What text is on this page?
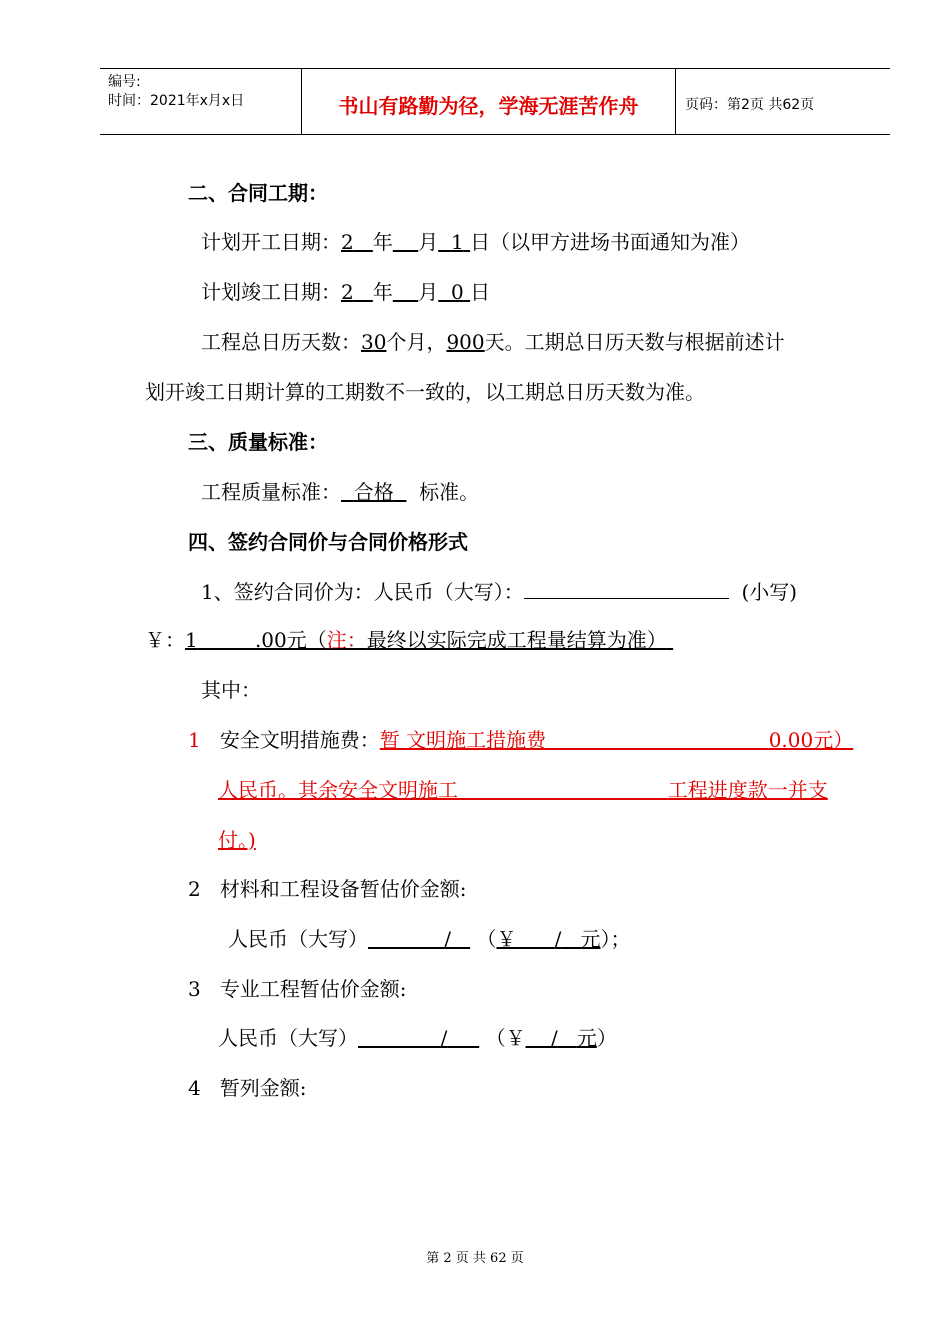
编号:
时间：2021年x月x日	书山有路勤为径，学海无涯苦作舟	页码：第2页 共62页
二、合同工期：
计划开工日期：2 年 月 1 日（以甲方进场书面通知为准）
计划竣工日期：2 年 月 0 日
工程总日历天数：30个月，900天。工期总日历天数与根据前述计
划开竣工日期计算的工期数不一致的，以工期总日历天数为准。
三、质量标准：
工程质量标准： 合格 标准。
四、签约合同价与合同价格形式
1、签约合同价为：人民币（大写）：	(小写)
￥：1	.00元（注：最终以实际完成工程量结算为准）
其中：
1 安全文明措施费：暂 文明施工措施费	0.00元）
人民币。其余安全文明施工	工程进度款一并支
付。)
2 材料和工程设备暂估价金额:
人民币（大写）	/ （￥ / 元）；
3 专业工程暂估价金额:
人民币（大写）	/ （￥ / 元）
4 暂列金额:
第 2 页 共 62 页
